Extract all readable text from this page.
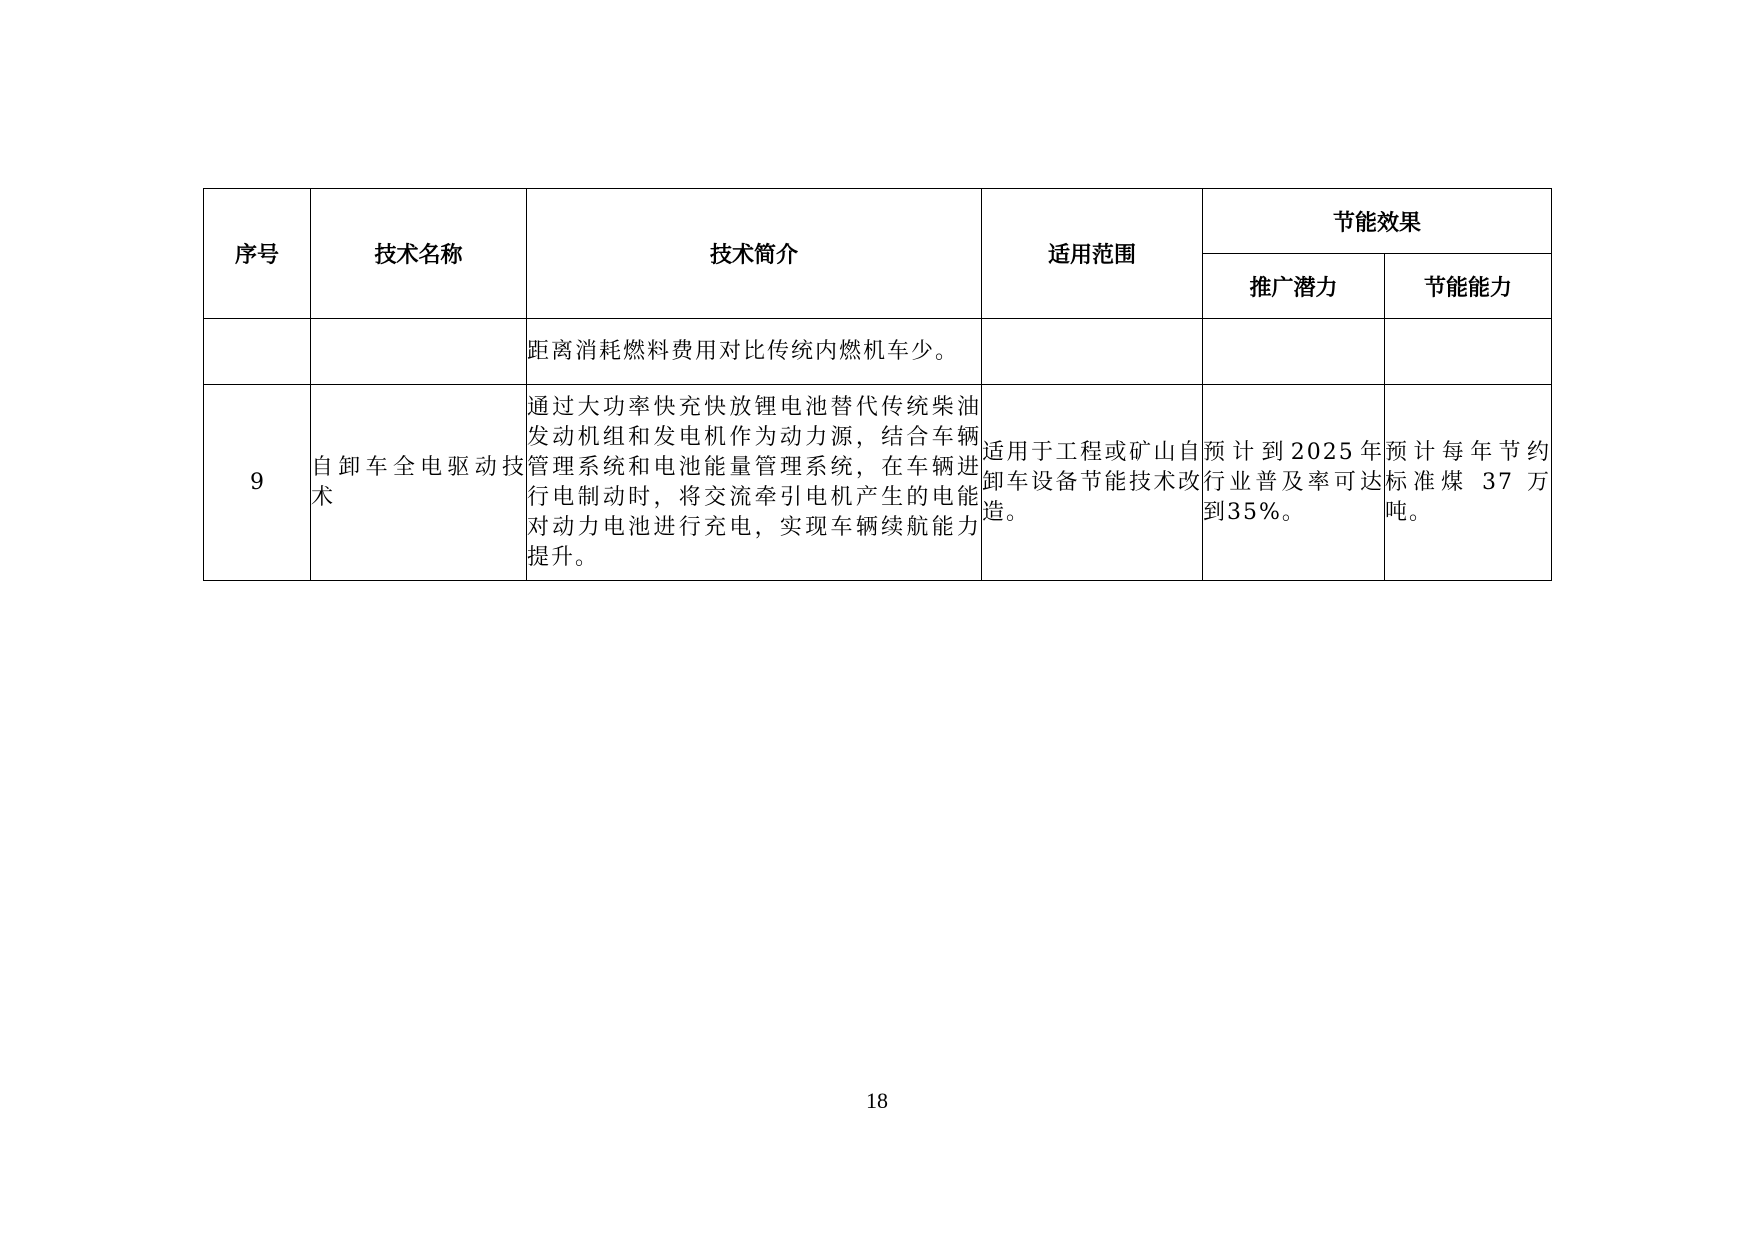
序号	技术名称	技术简介	适用范围	节能效果	
				推广潜力	节能能力
		距离消耗燃料费用对比传统内燃机车少。			
9	自卸车全电驱动技术	通过大功率快充快放锂电池替代传统柴油发动机组和发电机作为动力源，结合车辆管理系统和电池能量管理系统，在车辆进行电制动时，将交流牵引电机产生的电能对动力电池进行充电，实现车辆续航能力提升。	适用于工程或矿山自卸车设备节能技术改造。	预计到2025年行业普及率可达到35%。	预计每年节约标准煤 37 万吨。
18
